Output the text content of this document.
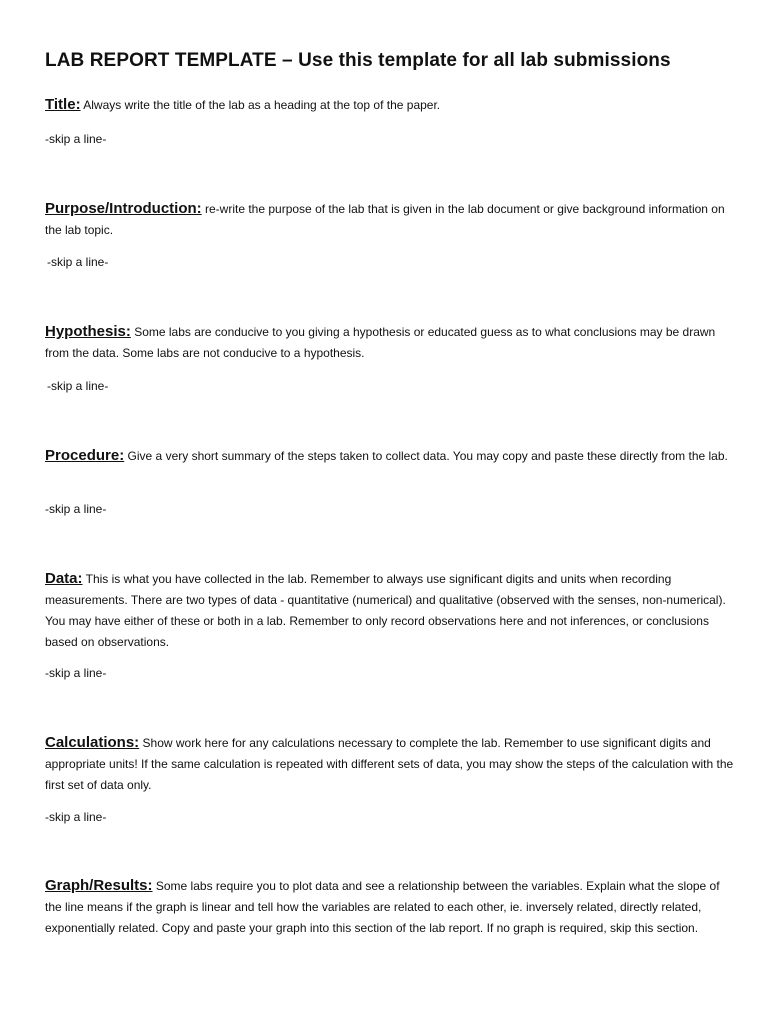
LAB REPORT TEMPLATE – Use this template for all lab submissions

Title: Always write the title of the lab as a heading at the top of the paper.

-skip a line-

Purpose/Introduction: re-write the purpose of the lab that is given in the lab document or give background information on the lab topic.

-skip a line-

Hypothesis: Some labs are conducive to you giving a hypothesis or educated guess as to what conclusions may be drawn from the data. Some labs are not conducive to a hypothesis.

-skip a line-

Procedure: Give a very short summary of the steps taken to collect data. You may copy and paste these directly from the lab.

-skip a line-

Data: This is what you have collected in the lab. Remember to always use significant digits and units when recording measurements. There are two types of data - quantitative (numerical) and qualitative (observed with the senses, non-numerical). You may have either of these or both in a lab. Remember to only record observations here and not inferences, or conclusions based on observations.

-skip a line-

Calculations: Show work here for any calculations necessary to complete the lab. Remember to use significant digits and appropriate units! If the same calculation is repeated with different sets of data, you may show the steps of the calculation with the first set of data only.

-skip a line-

Graph/Results: Some labs require you to plot data and see a relationship between the variables. Explain what the slope of the line means if the graph is linear and tell how the variables are related to each other, ie. inversely related, directly related, exponentially related. Copy and paste your graph into this section of the lab report. If no graph is required, skip this section.
